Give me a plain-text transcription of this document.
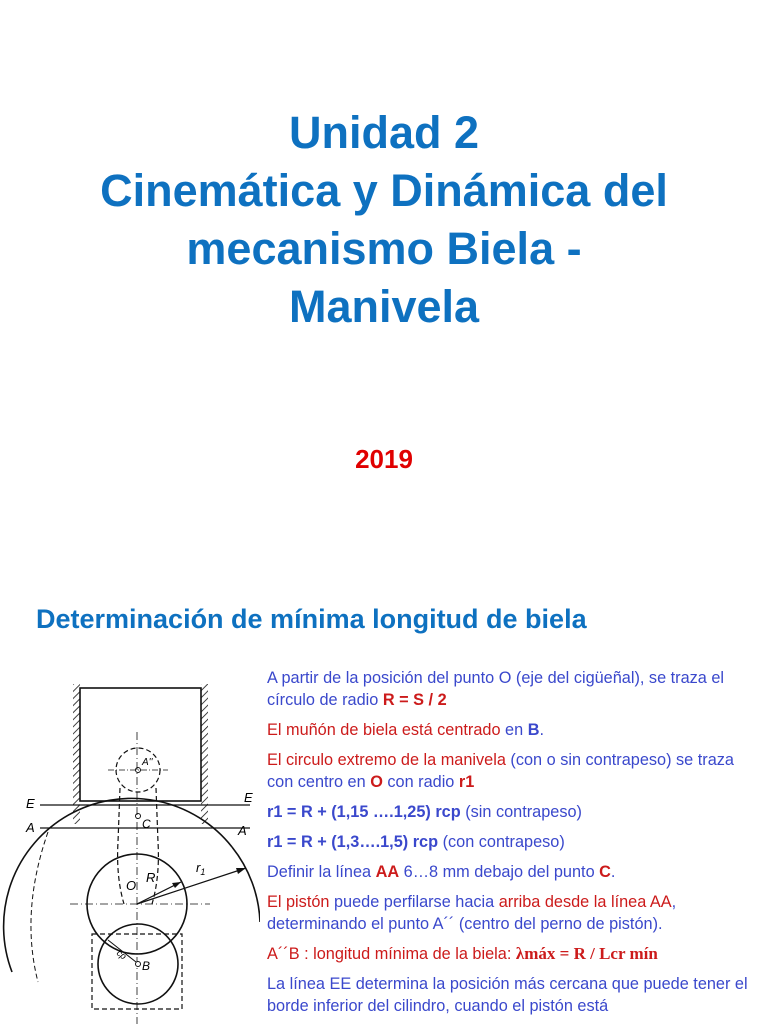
Unidad 2
Cinemática y Dinámica del
mecanismo Biela -
Manivela
2019
Determinación de mínima longitud de biela
E	E
A	A
A''
C
O
R
$r_1$
B
cp

A partir de la posición del punto O (eje del cigüeñal), se traza el círculo de radio R = S / 2

El muñón de biela está centrado en B.

El circulo extremo de la manivela (con o sin contrapeso) se traza con centro en O con radio r1

r1 = R + (1,15 ….1,25) rcp (sin contrapeso)

r1 = R + (1,3….1,5) rcp (con contrapeso)

Definir la línea AA 6…8 mm debajo del punto C.

El pistón puede perfilarse hacia arriba desde la línea AA, determinando el punto A´´ (centro del perno de pistón).

A´´B : longitud mínima de la biela: λmáx = R / Lcr mín

La línea EE determina la posición más cercana que puede tener el borde inferior del cilindro, cuando el pistón está
